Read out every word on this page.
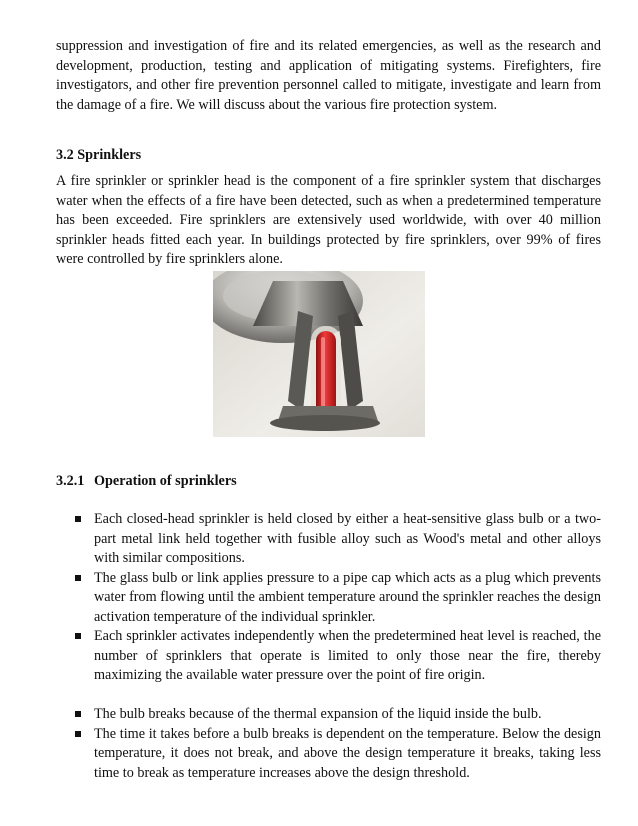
suppression and investigation of fire and its related emergencies, as well as the research and development, production, testing and application of mitigating systems. Firefighters, fire investigators, and other fire prevention personnel called to mitigate, investigate and learn from the damage of a fire. We will discuss about the various fire protection system.

3.2 Sprinklers

A fire sprinkler or sprinkler head is the component of a fire sprinkler system that discharges water when the effects of a fire have been detected, such as when a predetermined temperature has been exceeded. Fire sprinklers are extensively used worldwide, with over 40 million sprinkler heads fitted each year. In buildings protected by fire sprinklers, over 99% of fires were controlled by fire sprinklers alone.

3.2.1 Operation of sprinklers

Each closed-head sprinkler is held closed by either a heat-sensitive glass bulb or a two-part metal link held together with fusible alloy such as Wood's metal and other alloys with similar compositions.
The glass bulb or link applies pressure to a pipe cap which acts as a plug which prevents water from flowing until the ambient temperature around the sprinkler reaches the design activation temperature of the individual sprinkler.
Each sprinkler activates independently when the predetermined heat level is reached, the number of sprinklers that operate is limited to only those near the fire, thereby maximizing the available water pressure over the point of fire origin.
The bulb breaks because of the thermal expansion of the liquid inside the bulb.
The time it takes before a bulb breaks is dependent on the temperature. Below the design temperature, it does not break, and above the design temperature it breaks, taking less time to break as temperature increases above the design threshold.
